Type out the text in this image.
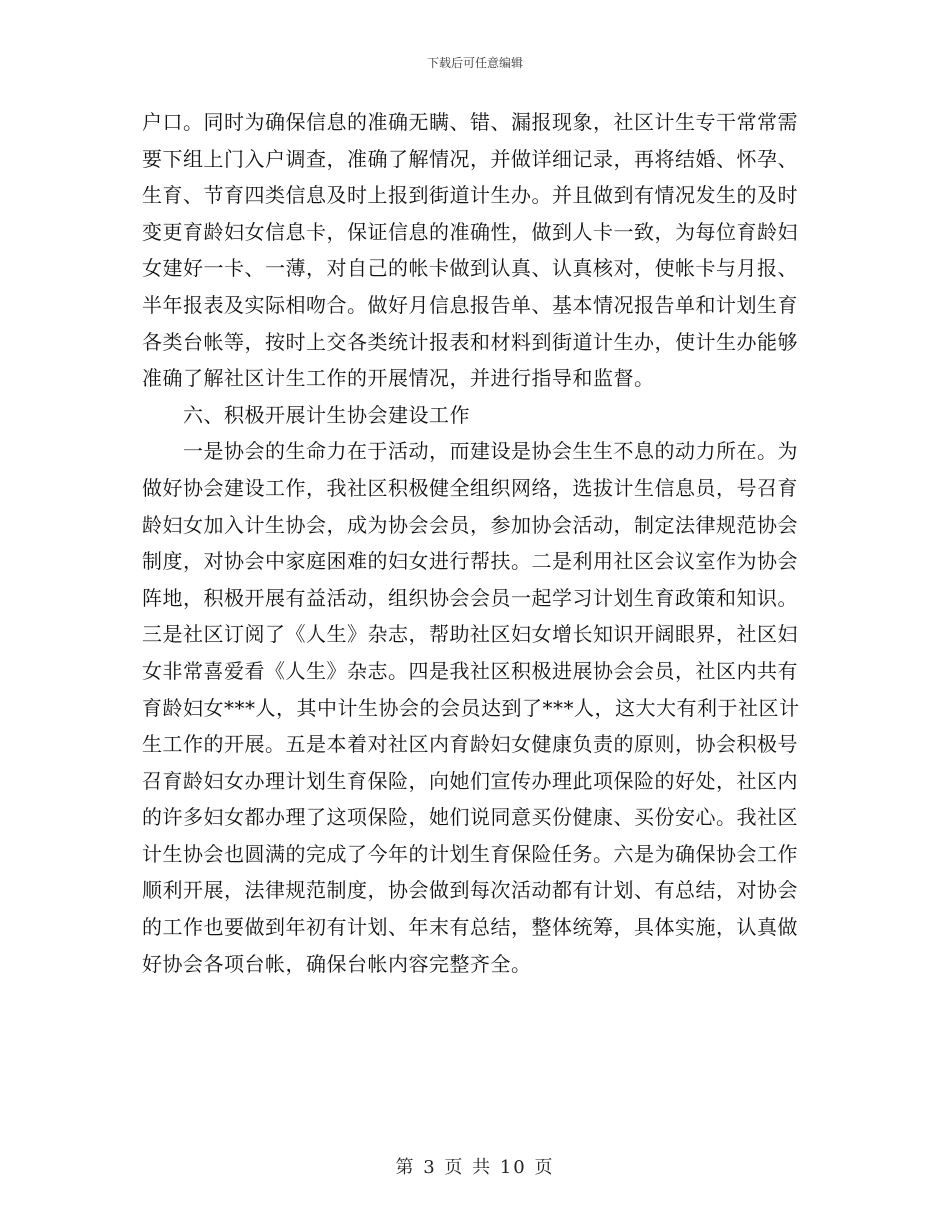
下载后可任意编辑

户口。同时为确保信息的准确无瞒、错、漏报现象，社区计生专干常常需要下组上门入户调查，准确了解情况，并做详细记录，再将结婚、怀孕、生育、节育四类信息及时上报到街道计生办。并且做到有情况发生的及时变更育龄妇女信息卡，保证信息的准确性，做到人卡一致，为每位育龄妇女建好一卡、一薄，对自己的帐卡做到认真、认真核对，使帐卡与月报、半年报表及实际相吻合。做好月信息报告单、基本情况报告单和计划生育各类台帐等，按时上交各类统计报表和材料到街道计生办，使计生办能够准确了解社区计生工作的开展情况，并进行指导和监督。

六、积极开展计生协会建设工作

一是协会的生命力在于活动，而建设是协会生生不息的动力所在。为做好协会建设工作，我社区积极健全组织网络，选拔计生信息员，号召育龄妇女加入计生协会，成为协会会员，参加协会活动，制定法律规范协会制度，对协会中家庭困难的妇女进行帮扶。二是利用社区会议室作为协会阵地，积极开展有益活动，组织协会会员一起学习计划生育政策和知识。三是社区订阅了《人生》杂志，帮助社区妇女增长知识开阔眼界，社区妇女非常喜爱看《人生》杂志。四是我社区积极进展协会会员，社区内共有育龄妇女***人，其中计生协会的会员达到了***人，这大大有利于社区计生工作的开展。五是本着对社区内育龄妇女健康负责的原则，协会积极号召育龄妇女办理计划生育保险，向她们宣传办理此项保险的好处，社区内的许多妇女都办理了这项保险，她们说同意买份健康、买份安心。我社区计生协会也圆满的完成了今年的计划生育保险任务。六是为确保协会工作顺利开展，法律规范制度，协会做到每次活动都有计划、有总结，对协会的工作也要做到年初有计划、年末有总结，整体统筹，具体实施，认真做好协会各项台帐，确保台帐内容完整齐全。

第 3 页 共 10 页
